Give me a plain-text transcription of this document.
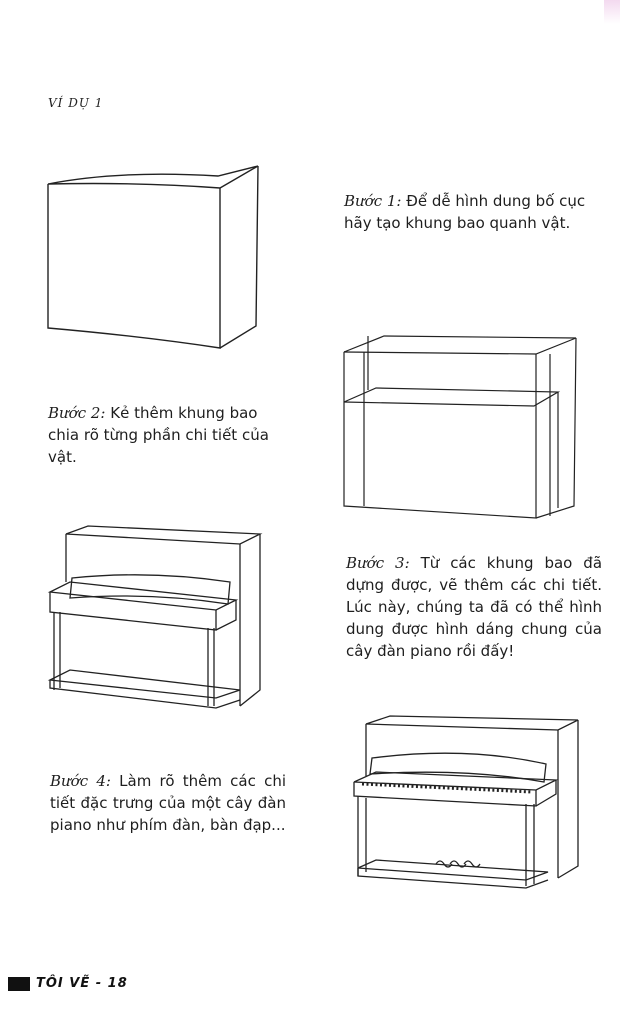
VÍ DỤ 1
Bước 1: Để dễ hình dung bố cục hãy tạo khung bao quanh vật.
Bước 2: Kẻ thêm khung bao chia rõ từng phần chi tiết của vật.
Bước 3: Từ các khung bao đã dựng được, vẽ thêm các chi tiết. Lúc này, chúng ta đã có thể hình dung được hình dáng chung của cây đàn piano rồi đấy!
Bước 4: Làm rõ thêm các chi tiết đặc trưng của một cây đàn piano như phím đàn, bàn đạp...
TÔI VẼ - 18
